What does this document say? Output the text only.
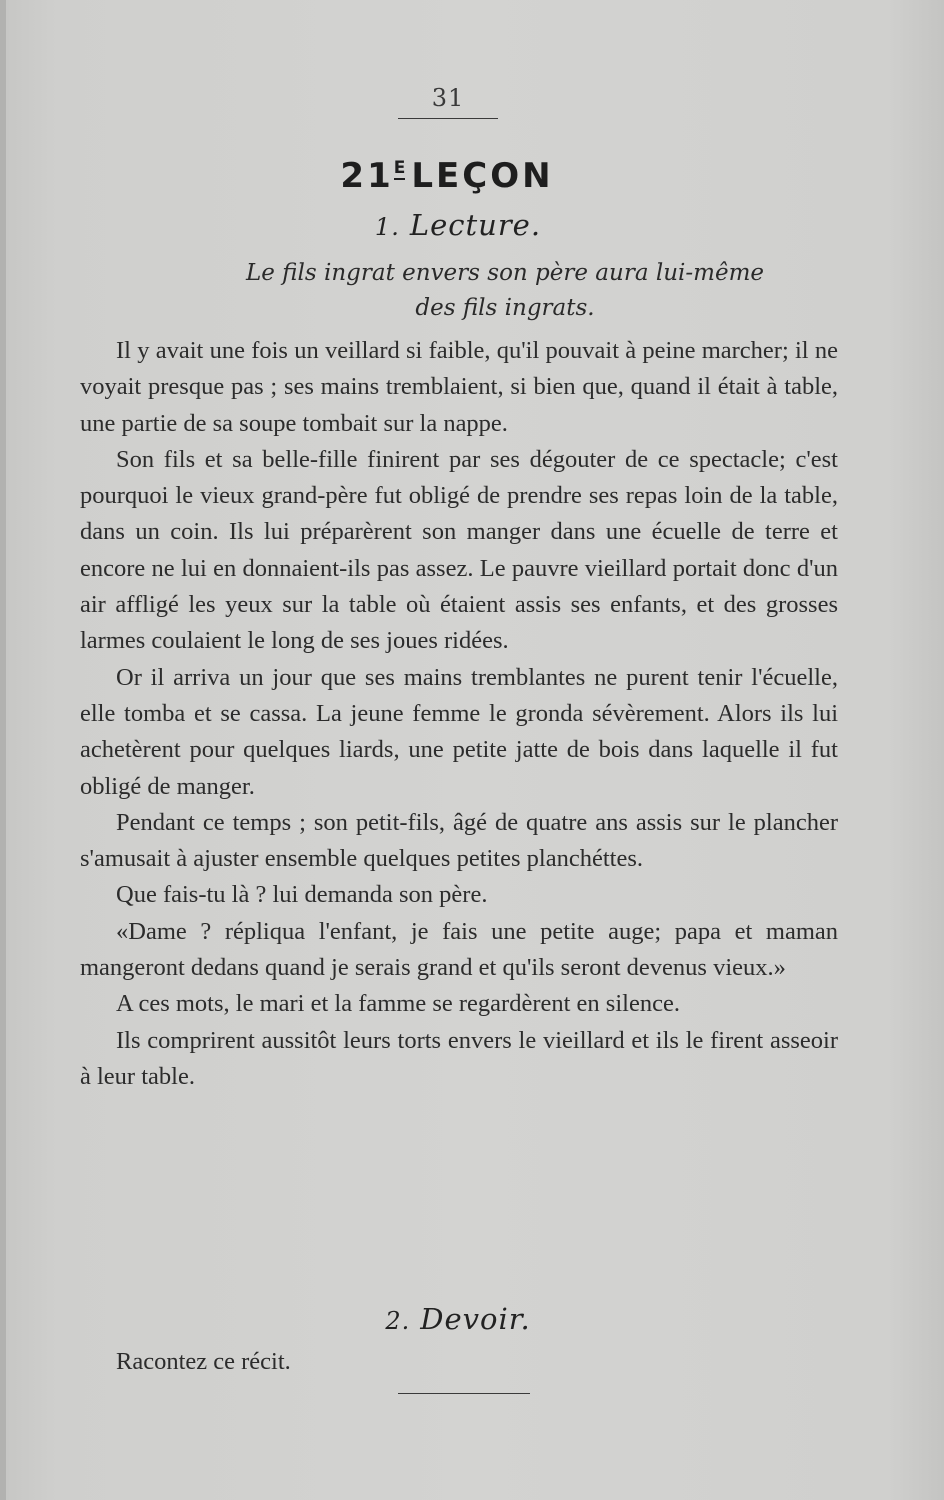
31
$21^E$ LEÇON
1. Lecture.
Le fils ingrat envers son père aura lui-même
des fils ingrats.

Il y avait une fois un veillard si faible, qu'il pouvait à peine marcher; il ne voyait presque pas ; ses mains tremblaient, si bien que, quand il était à table, une partie de sa soupe tombait sur la nappe.

Son fils et sa belle-fille finirent par ses dégouter de ce spectacle; c'est pourquoi le vieux grand-père fut obligé de prendre ses repas loin de la table, dans un coin. Ils lui préparèrent son manger dans une écuelle de terre et encore ne lui en donnaient-ils pas assez. Le pauvre vieillard portait donc d'un air affligé les yeux sur la table où étaient assis ses enfants, et des grosses larmes coulaient le long de ses joues ridées.

Or il arriva un jour que ses mains tremblantes ne purent tenir l'écuelle, elle tomba et se cassa. La jeune femme le gronda sévèrement. Alors ils lui achetèrent pour quelques liards, une petite jatte de bois dans laquelle il fut obligé de manger.

Pendant ce temps ; son petit-fils, âgé de quatre ans assis sur le plancher s'amusait à ajuster ensemble quelques petites planchéttes.

Que fais-tu là ? lui demanda son père.

«Dame ? répliqua l'enfant, je fais une petite auge; papa et maman mangeront dedans quand je serais grand et qu'ils seront devenus vieux.»

A ces mots, le mari et la famme se regardèrent en silence.

Ils comprirent aussitôt leurs torts envers le vieillard et ils le firent asseoir à leur table.

2. Devoir.
Racontez ce récit.
